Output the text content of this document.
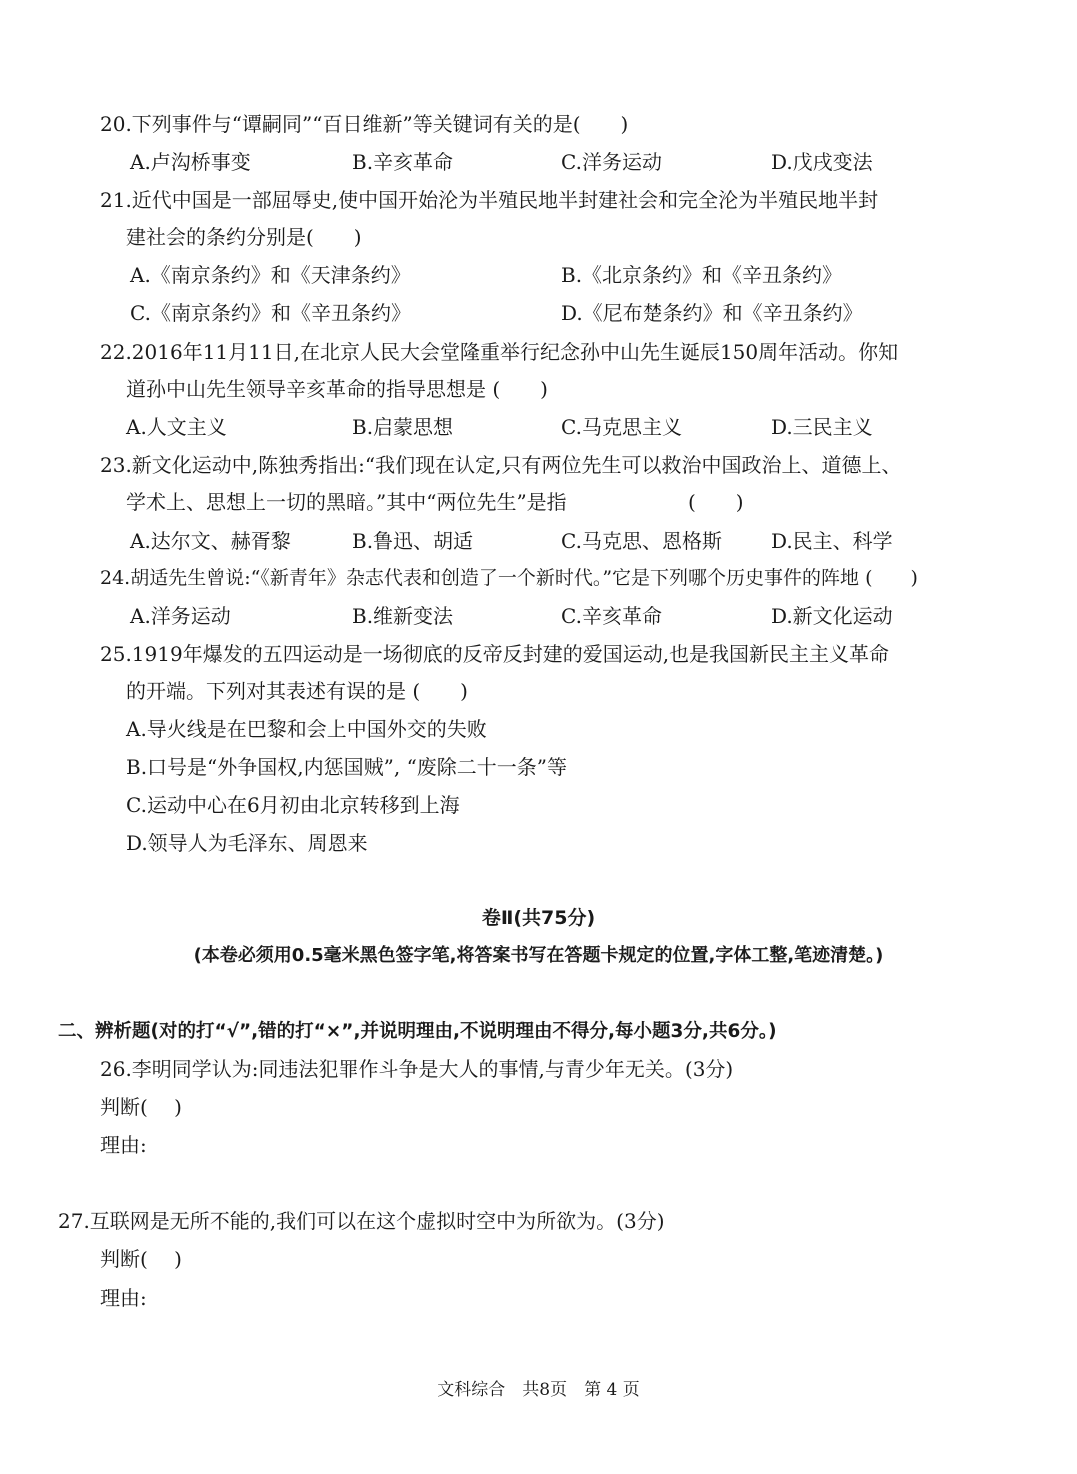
20.下列事件与“谭嗣同”“百日维新”等关键词有关的是(　　)
A.卢沟桥事变	B.辛亥革命	C.洋务运动	D.戊戌变法
21.近代中国是一部屈辱史,使中国开始沦为半殖民地半封建社会和完全沦为半殖民地半封
建社会的条约分别是(　　)
A.《南京条约》和《天津条约》	B.《北京条约》和《辛丑条约》
C.《南京条约》和《辛丑条约》	D.《尼布楚条约》和《辛丑条约》
22.2016年11月11日,在北京人民大会堂隆重举行纪念孙中山先生诞辰150周年活动。你知
道孙中山先生领导辛亥革命的指导思想是 (　　)
A.人文主义	B.启蒙思想	C.马克思主义	D.三民主义
23.新文化运动中,陈独秀指出:“我们现在认定,只有两位先生可以救治中国政治上、道德上、
学术上、思想上一切的黑暗。”其中“两位先生”是指	(　　)
A.达尔文、赫胥黎	B.鲁迅、胡适	C.马克思、恩格斯 D.民主、科学
24.胡适先生曾说:“《新青年》杂志代表和创造了一个新时代。”它是下列哪个历史事件的阵地 (　　)
A.洋务运动	B.维新变法	C.辛亥革命	D.新文化运动
25.1919年爆发的五四运动是一场彻底的反帝反封建的爱国运动,也是我国新民主主义革命
的开端。下列对其表述有误的是 (　　)
A.导火线是在巴黎和会上中国外交的失败
B.口号是“外争国权,内惩国贼”, “废除二十一条”等
C.运动中心在6月初由北京转移到上海
D.领导人为毛泽东、周恩来
卷Ⅱ(共75分)
(本卷必须用0.5毫米黑色签字笔,将答案书写在答题卡规定的位置,字体工整,笔迹清楚。)
二、辨析题(对的打“√”,错的打“×”,并说明理由,不说明理由不得分,每小题3分,共6分。)
26.李明同学认为:同违法犯罪作斗争是大人的事情,与青少年无关。(3分)
判断(　 )
理由:
27.互联网是无所不能的,我们可以在这个虚拟时空中为所欲为。(3分)
判断(　 )
理由:
文科综合　共8页　第 4 页
